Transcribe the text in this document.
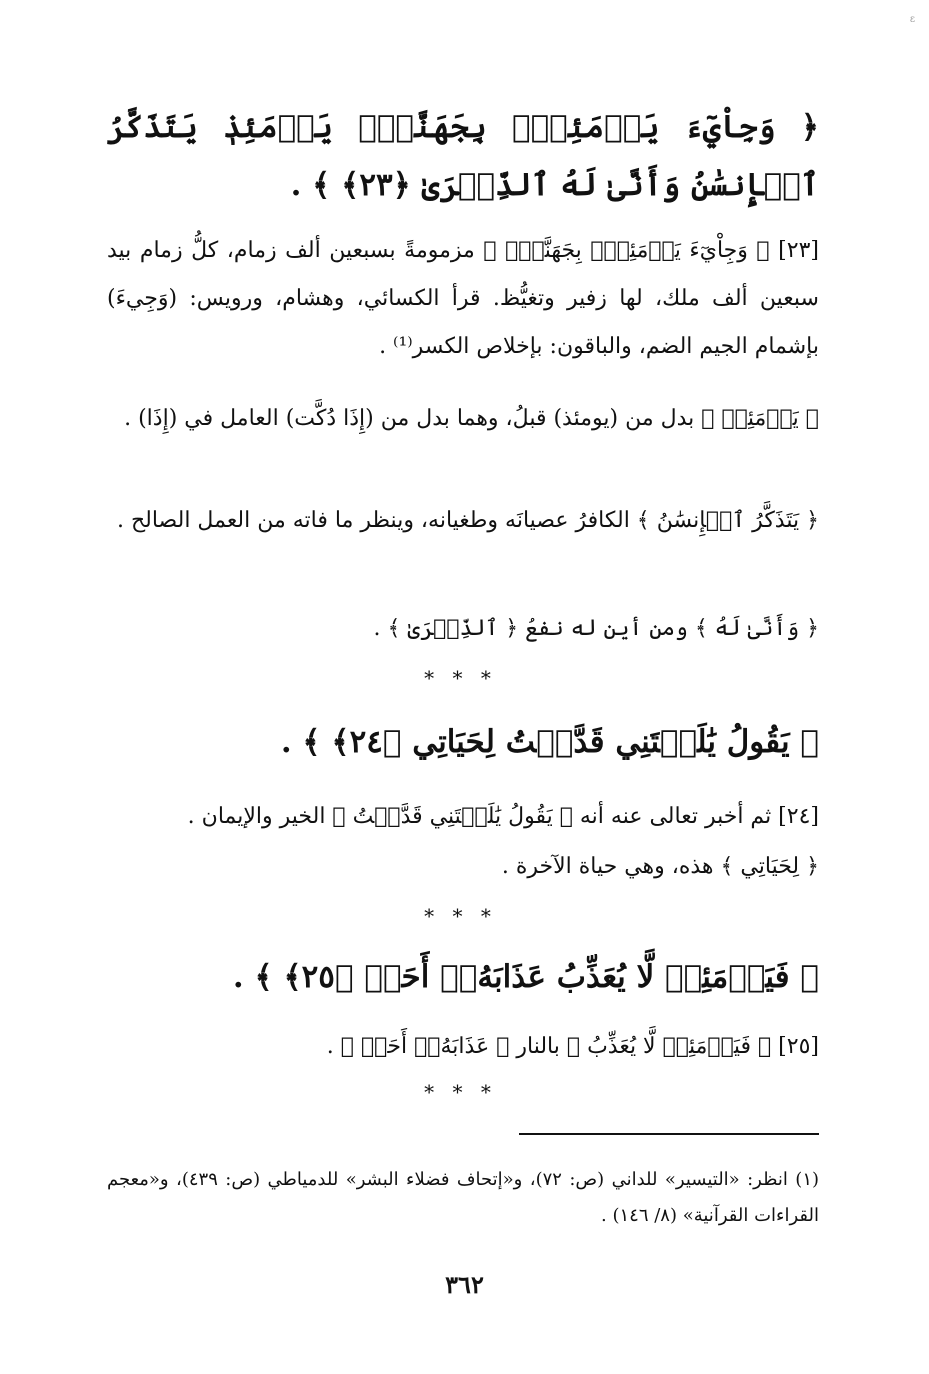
ε
﴿ وَجِاْيٓءَ يَوۡمَئِذِۭ بِجَهَنَّمَۚ يَوۡمَئِذٖ يَتَذَكَّرُ ٱلۡإِنسَٰنُ وَأَنَّىٰ لَهُ ٱلذِّكۡرَىٰ ﴿٢٣﴾ ﴾ .
[٢٣] ﴿ وَجِاْيٓءَ يَوۡمَئِذِۭ بِجَهَنَّمَۚ ﴾ مزمومةً بسبعين ألف زمام، كلُّ زمام بيد سبعين ألف ملك، لها زفير وتغيُّظ. قرأ الكسائي، وهشام، ورويس: (وَجِيءَ) بإشمام الجيم الضم، والباقون: بإخلاص الكسر⁽¹⁾ .
﴿ يَوۡمَئِذٖ ﴾ بدل من (يومئذ) قبلُ، وهما بدل من (إِذَا دُكَّت) العامل في (إِذَا) .
﴿ يَتَذَكَّرُ ٱلۡإِنسَٰنُ ﴾ الكافرُ عصيانَه وطغيانه، وينظر ما فاته من العمل الصالح .
﴿ وَأَنَّىٰ لَهُ ﴾ ومن أين له نفعُ ﴿ ٱلذِّكۡرَىٰ ﴾ .
* * *
﴿ يَقُولُ يَٰلَيۡتَنِي قَدَّمۡتُ لِحَيَاتِي ﴿٢٤﴾ ﴾ .
[٢٤] ثم أخبر تعالى عنه أنه ﴿ يَقُولُ يَٰلَيۡتَنِي قَدَّمۡتُ ﴾ الخير والإيمان .
﴿ لِحَيَاتِي ﴾ هذه، وهي حياة الآخرة .
* * *
﴿ فَيَوۡمَئِذٖ لَّا يُعَذِّبُ عَذَابَهُۥٓ أَحَدٞ ﴿٢٥﴾ ﴾ .
[٢٥] ﴿ فَيَوۡمَئِذٖ لَّا يُعَذِّبُ ﴾ بالنار ﴿ عَذَابَهُۥٓ أَحَدٞ ﴾ .
* * *
(١) انظر: «التيسير» للداني (ص: ٧٢)، و«إتحاف فضلاء البشر» للدمياطي (ص: ٤٣٩)، و«معجم القراءات القرآنية» (٨/ ١٤٦) .
٣٦٢
